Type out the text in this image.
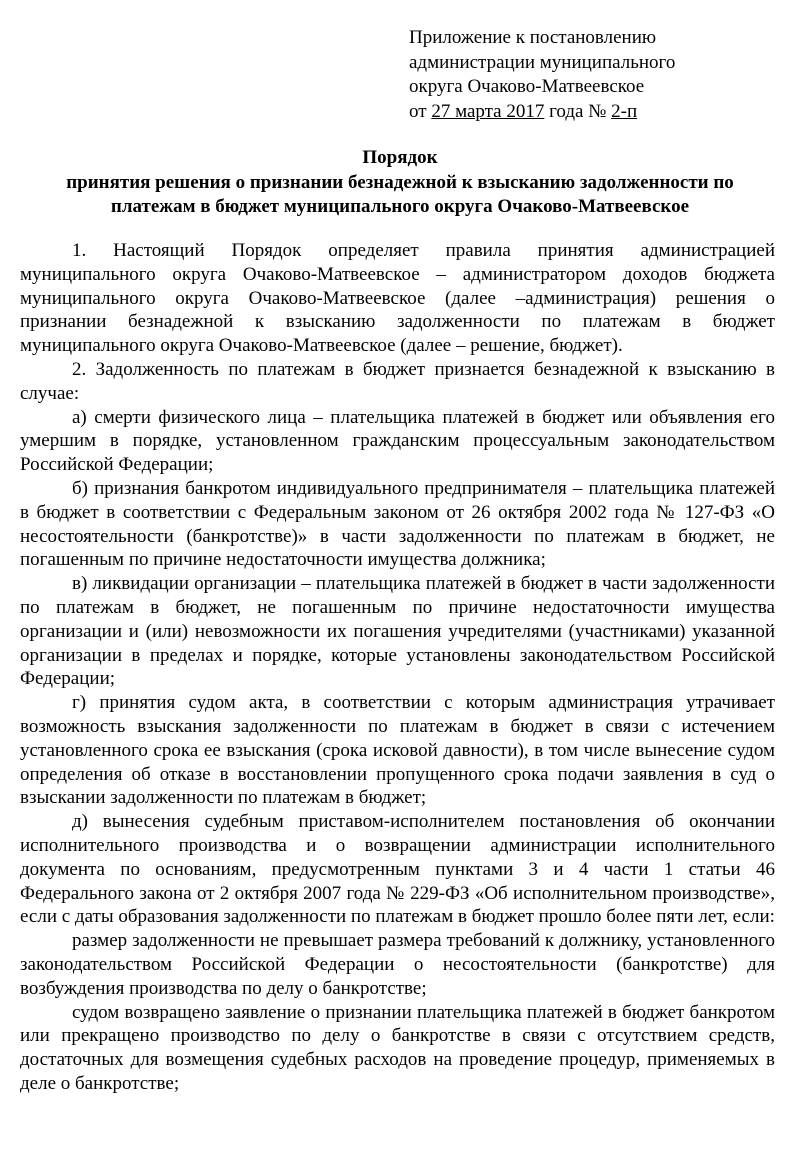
Приложение к постановлению
администрации муниципального
округа Очаково-Матвеевское
от 27 марта 2017 года № 2-п
Порядок
принятия решения о признании безнадежной к взысканию задолженности по
платежам в бюджет муниципального округа Очаково-Матвеевское

1. Настоящий Порядок определяет правила принятия администрацией муниципального округа Очаково-Матвеевское – администратором доходов бюджета муниципального округа Очаково-Матвеевское (далее –администрация) решения о признании безнадежной к взысканию задолженности по платежам в бюджет муниципального округа Очаково-Матвеевское (далее – решение, бюджет).

2. Задолженность по платежам в бюджет признается безнадежной к взысканию в случае:

а) смерти физического лица – плательщика платежей в бюджет или объявления его умершим в порядке, установленном гражданским процессуальным законодательством Российской Федерации;

б) признания банкротом индивидуального предпринимателя – плательщика платежей в бюджет в соответствии с Федеральным законом от 26 октября 2002 года № 127-ФЗ «О несостоятельности (банкротстве)» в части задолженности по платежам в бюджет, не погашенным по причине недостаточности имущества должника;

в) ликвидации организации – плательщика платежей в бюджет в части задолженности по платежам в бюджет, не погашенным по причине недостаточности имущества организации и (или) невозможности их погашения учредителями (участниками) указанной организации в пределах и порядке, которые установлены законодательством Российской Федерации;

г) принятия судом акта, в соответствии с которым администрация утрачивает возможность взыскания задолженности по платежам в бюджет в связи с истечением установленного срока ее взыскания (срока исковой давности), в том числе вынесение судом определения об отказе в восстановлении пропущенного срока подачи заявления в суд о взыскании задолженности по платежам в бюджет;

д) вынесения судебным приставом-исполнителем постановления об окончании исполнительного производства и о возвращении администрации исполнительного документа по основаниям, предусмотренным пунктами 3 и 4 части 1 статьи 46 Федерального закона от 2 октября 2007 года № 229-ФЗ «Об исполнительном производстве», если с даты образования задолженности по платежам в бюджет прошло более пяти лет, если:

размер задолженности не превышает размера требований к должнику, установленного законодательством Российской Федерации о несостоятельности (банкротстве) для возбуждения производства по делу о банкротстве;

судом возвращено заявление о признании плательщика платежей в бюджет банкротом или прекращено производство по делу о банкротстве в связи с отсутствием средств, достаточных для возмещения судебных расходов на проведение процедур, применяемых в деле о банкротстве;
